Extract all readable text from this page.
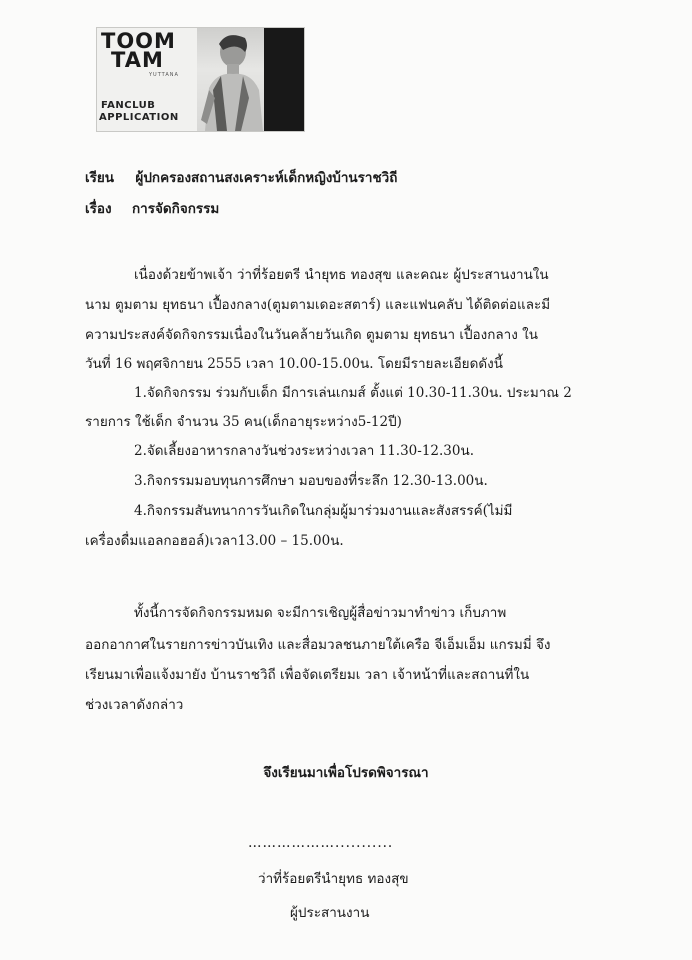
TOOM
TAM
YUTTANA
FANCLUB
APPLICATION
เรียน ผู้ปกครองสถานสงเคราะห์เด็กหญิงบ้านราชวิถี
เรื่อง การจัดกิจกรรม
เนื่องด้วยข้าพเจ้า ว่าที่ร้อยตรี นำยุทธ ทองสุข และคณะ ผู้ประสานงานใน
นาม ตูมตาม ยุทธนา เปื้องกลาง(ตูมตามเดอะสตาร์) และแฟนคลับ ได้ติดต่อและมี
ความประสงค์จัดกิจกรรมเนื่องในวันคล้ายวันเกิด ตูมตาม ยุทธนา เปื้องกลาง ใน
วันที่ 16 พฤศจิกายน 2555 เวลา 10.00-15.00น. โดยมีรายละเอียดดังนี้
1.จัดกิจกรรม ร่วมกับเด็ก มีการเล่นเกมส์ ตั้งแต่ 10.30-11.30น. ประมาณ 2
รายการ ใช้เด็ก จำนวน 35 คน(เด็กอายุระหว่าง5-12ปี)
2.จัดเลี้ยงอาหารกลางวันช่วงระหว่างเวลา 11.30-12.30น.
3.กิจกรรมมอบทุนการศึกษา มอบของที่ระลึก 12.30-13.00น.
4.กิจกรรมสันทนาการวันเกิดในกลุ่มผู้มาร่วมงานและสังสรรค์(ไม่มี
เครื่องดื่มแอลกอฮอล์)เวลา13.00 – 15.00น.
ทั้งนี้การจัดกิจกรรมหมด จะมีการเชิญผู้สื่อข่าวมาทำข่าว เก็บภาพ
ออกอากาศในรายการข่าวบันเทิง และสื่อมวลชนภายใต้เครือ จีเอ็มเอ็ม แกรมมี่ จึง
เรียนมาเพื่อแจ้งมายัง บ้านราชวิถี เพื่อจัดเตรียมเ วลา เจ้าหน้าที่และสถานที่ใน
ช่วงเวลาดังกล่าว
จึงเรียนมาเพื่อโปรดพิจารณา
………………...........
ว่าที่ร้อยตรีนำยุทธ ทองสุข
ผู้ประสานงาน
